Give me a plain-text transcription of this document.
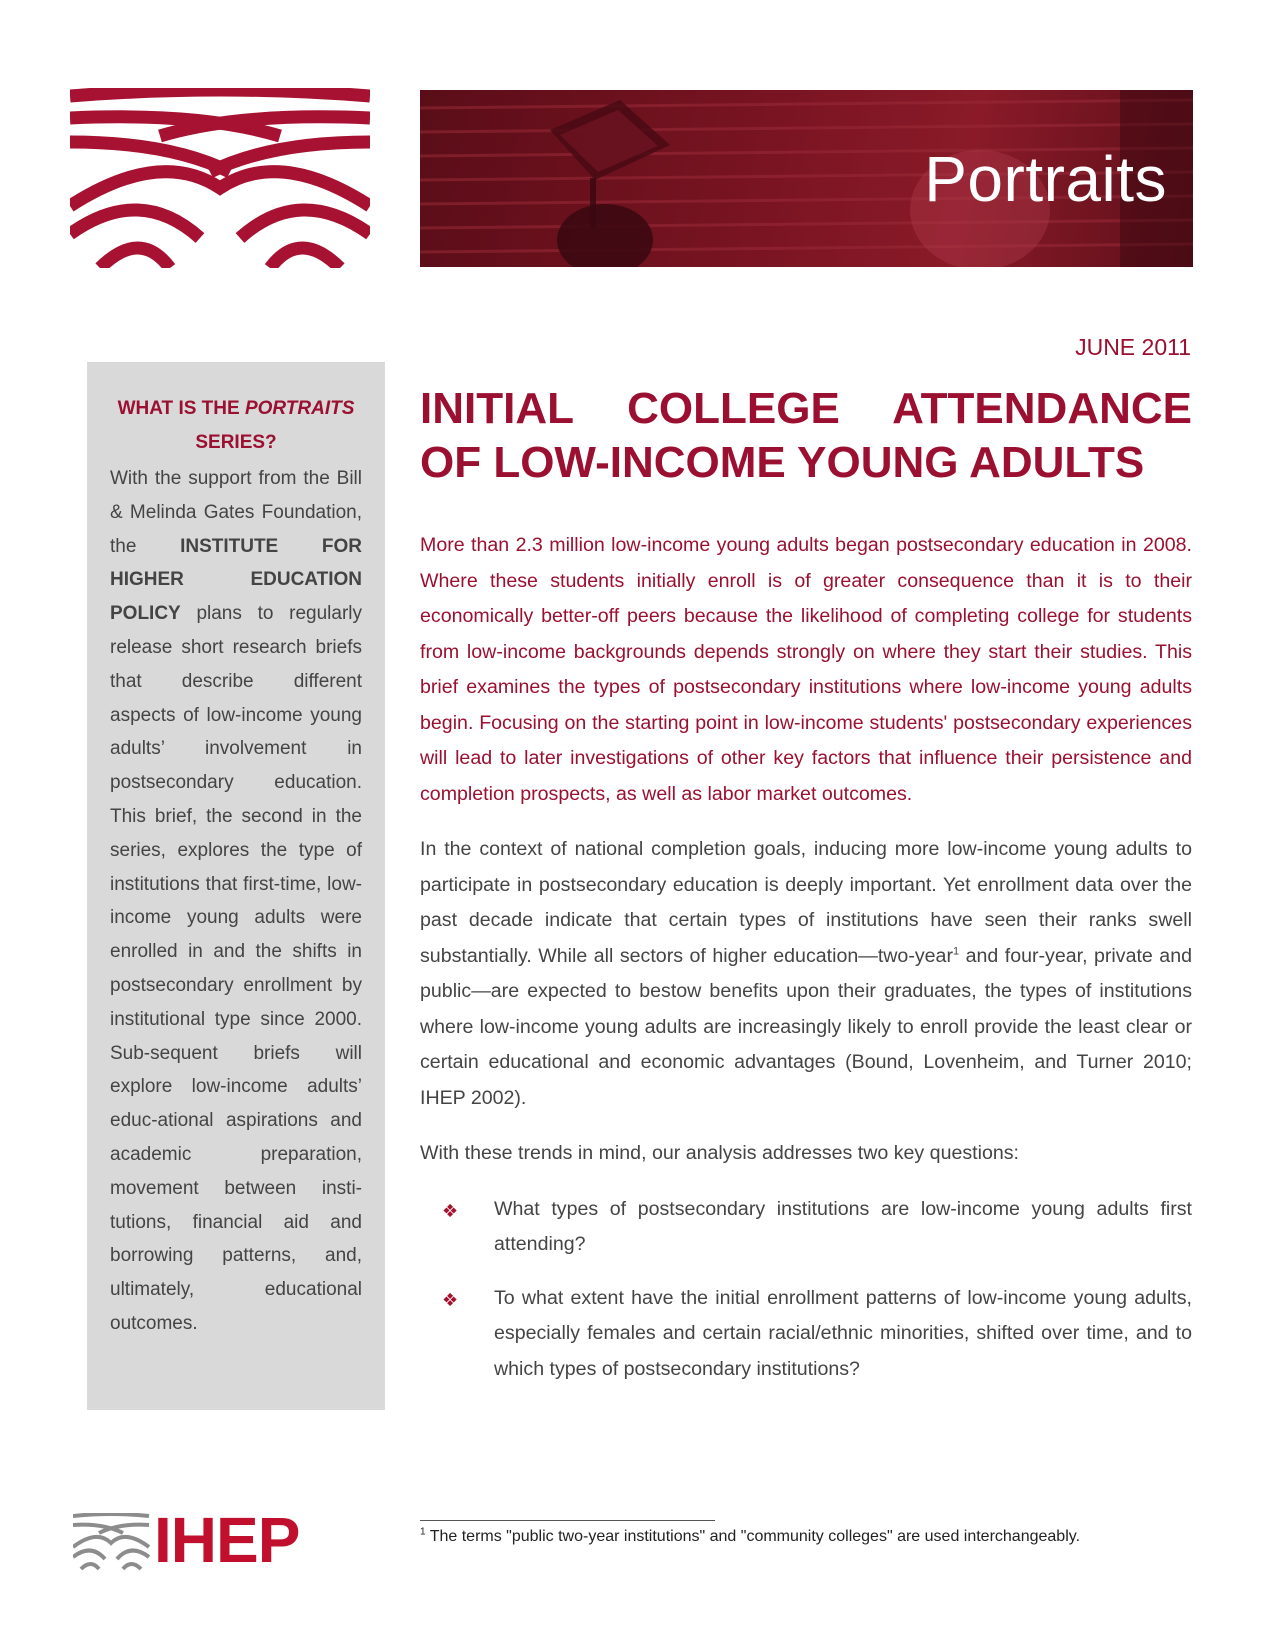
Portraits
WHAT IS THE PORTRAITS
SERIES?

With the support from the Bill & Melinda Gates Foundation, the INSTITUTE FOR HIGHER EDUCATION POLICY plans to regularly release short research briefs that describe different aspects of low-income young adults’ involvement in postsecondary education. This brief, the second in the series, explores the type of institutions that first-time, low-income young adults were enrolled in and the shifts in postsecondary enrollment by institutional type since 2000. Sub-sequent briefs will explore low-income adults’ educ-ational aspirations and academic preparation, movement between insti-tutions, financial aid and borrowing patterns, and, ultimately, educational outcomes.

JUNE 2011

INITIAL COLLEGE ATTENDANCE
OF LOW-INCOME YOUNG ADULTS

More than 2.3 million low-income young adults began postsecondary education in 2008. Where these students initially enroll is of greater consequence than it is to their economically better-off peers because the likelihood of completing college for students from low-income backgrounds depends strongly on where they start their studies. This brief examines the types of postsecondary institutions where low-income young adults begin. Focusing on the starting point in low-income students' postsecondary experiences will lead to later investigations of other key factors that influence their persistence and completion prospects, as well as labor market outcomes.

In the context of national completion goals, inducing more low-income young adults to participate in postsecondary education is deeply important. Yet enrollment data over the past decade indicate that certain types of institutions have seen their ranks swell substantially. While all sectors of higher education—two-year$^1$ and four-year, private and public—are expected to bestow benefits upon their graduates, the types of institutions where low-income young adults are increasingly likely to enroll provide the least clear or certain educational and economic advantages (Bound, Lovenheim, and Turner 2010; IHEP 2002).

With these trends in mind, our analysis addresses two key questions:

❖ What types of postsecondary institutions are low-income young adults first attending?
❖ To what extent have the initial enrollment patterns of low-income young adults, especially females and certain racial/ethnic minorities, shifted over time, and to which types of postsecondary institutions?

$^1$ The terms "public two-year institutions" and "community colleges" are used interchangeably.

IHEP
